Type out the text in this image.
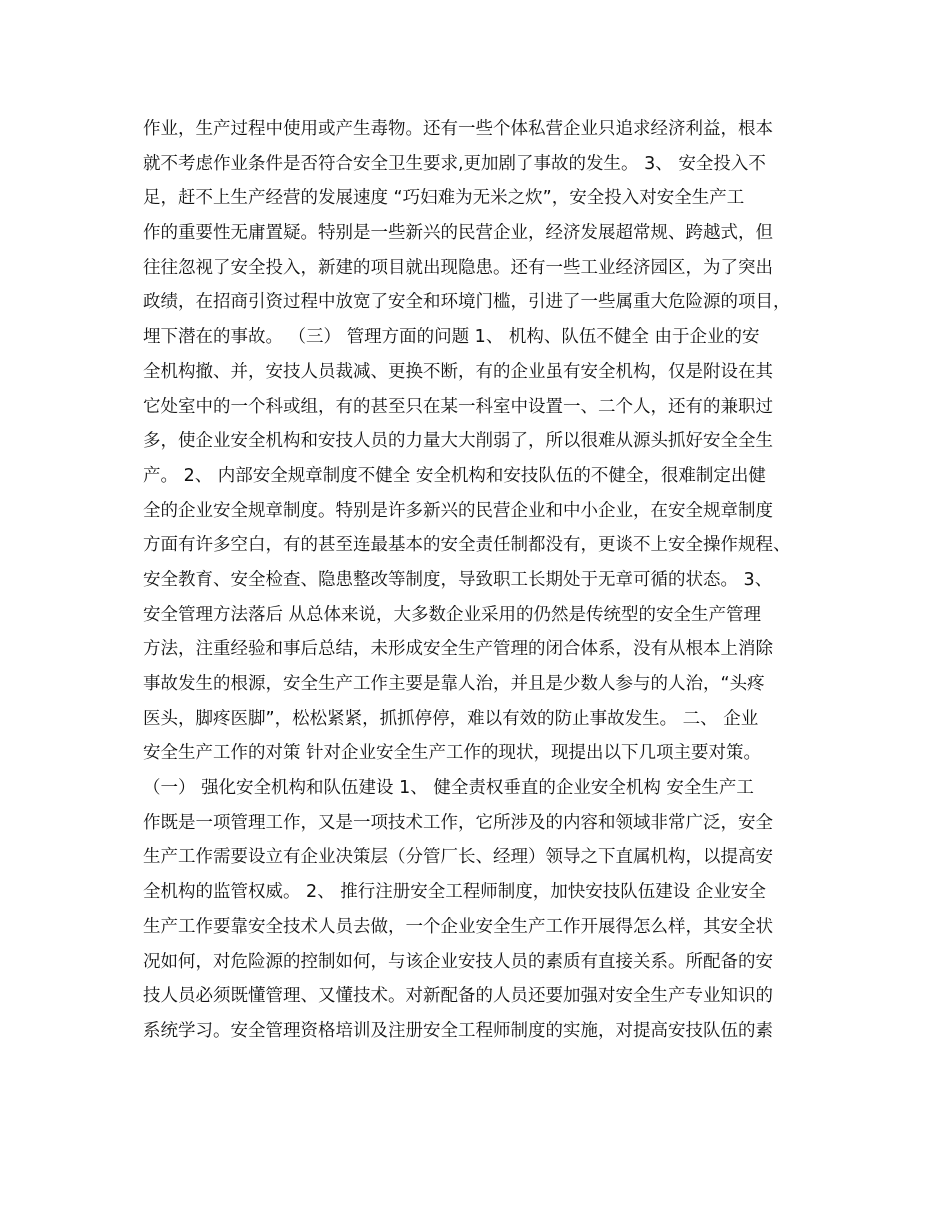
作业，生产过程中使用或产生毒物。还有一些个体私营企业只追求经济利益，根本
就不考虑作业条件是否符合安全卫生要求,更加剧了事故的发生。 3、 安全投入不
足，赶不上生产经营的发展速度 “巧妇难为无米之炊”，安全投入对安全生产工
作的重要性无庸置疑。特别是一些新兴的民营企业，经济发展超常规、跨越式，但
往往忽视了安全投入，新建的项目就出现隐患。还有一些工业经济园区，为了突出
政绩，在招商引资过程中放宽了安全和环境门槛，引进了一些属重大危险源的项目，
埋下潜在的事故。 （三） 管理方面的问题 1、 机构、队伍不健全 由于企业的安
全机构撤、并，安技人员裁减、更换不断，有的企业虽有安全机构，仅是附设在其
它处室中的一个科或组，有的甚至只在某一科室中设置一、二个人，还有的兼职过
多，使企业安全机构和安技人员的力量大大削弱了，所以很难从源头抓好安全全生
产。 2、 内部安全规章制度不健全 安全机构和安技队伍的不健全，很难制定出健
全的企业安全规章制度。特别是许多新兴的民营企业和中小企业，在安全规章制度
方面有许多空白，有的甚至连最基本的安全责任制都没有，更谈不上安全操作规程、
安全教育、安全检查、隐患整改等制度，导致职工长期处于无章可循的状态。 3、
安全管理方法落后 从总体来说，大多数企业采用的仍然是传统型的安全生产管理
方法，注重经验和事后总结，未形成安全生产管理的闭合体系，没有从根本上消除
事故发生的根源，安全生产工作主要是靠人治，并且是少数人参与的人治，“头疼
医头，脚疼医脚”，松松紧紧，抓抓停停，难以有效的防止事故发生。 二、 企业
安全生产工作的对策 针对企业安全生产工作的现状，现提出以下几项主要对策。
（一） 强化安全机构和队伍建设 1、 健全责权垂直的企业安全机构 安全生产工
作既是一项管理工作，又是一项技术工作，它所涉及的内容和领域非常广泛，安全
生产工作需要设立有企业决策层（分管厂长、经理）领导之下直属机构，以提高安
全机构的监管权威。 2、 推行注册安全工程师制度，加快安技队伍建设 企业安全
生产工作要靠安全技术人员去做，一个企业安全生产工作开展得怎么样，其安全状
况如何，对危险源的控制如何，与该企业安技人员的素质有直接关系。所配备的安
技人员必须既懂管理、又懂技术。对新配备的人员还要加强对安全生产专业知识的
系统学习。安全管理资格培训及注册安全工程师制度的实施，对提高安技队伍的素
